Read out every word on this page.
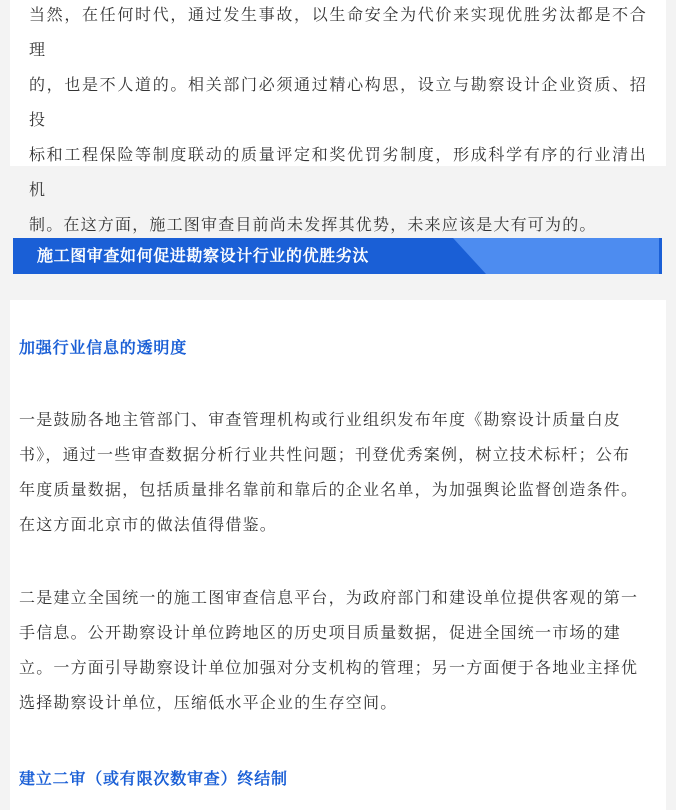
当然，在任何时代，通过发生事故，以生命安全为代价来实现优胜劣汰都是不合理
的，也是不人道的。相关部门必须通过精心构思，设立与勘察设计企业资质、招投
标和工程保险等制度联动的质量评定和奖优罚劣制度，形成科学有序的行业清出机
制。在这方面，施工图审查目前尚未发挥其优势，未来应该是大有可为的。

施工图审查如何促进勘察设计行业的优胜劣汰
加强行业信息的透明度

一是鼓励各地主管部门、审查管理机构或行业组织发布年度《勘察设计质量白皮
书》，通过一些审查数据分析行业共性问题；刊登优秀案例，树立技术标杆；公布
年度质量数据，包括质量排名靠前和靠后的企业名单，为加强舆论监督创造条件。
在这方面北京市的做法值得借鉴。

二是建立全国统一的施工图审查信息平台，为政府部门和建设单位提供客观的第一
手信息。公开勘察设计单位跨地区的历史项目质量数据，促进全国统一市场的建
立。一方面引导勘察设计单位加强对分支机构的管理；另一方面便于各地业主择优
选择勘察设计单位，压缩低水平企业的生存空间。

建立二审（或有限次数审查）终结制
